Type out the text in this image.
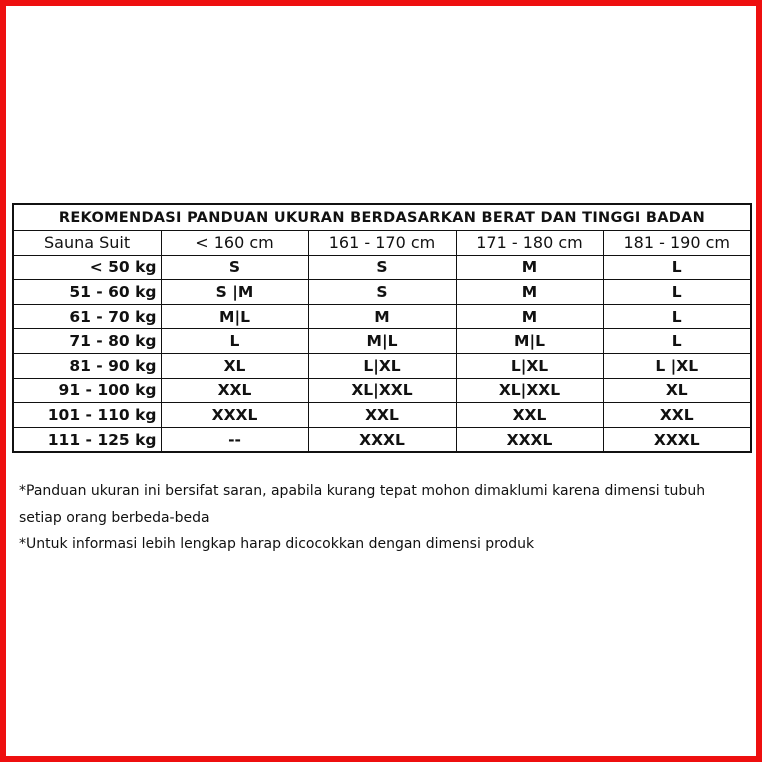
REKOMENDASI PANDUAN UKURAN BERDASARKAN BERAT DAN TINGGI BADAN				
Sauna Suit	< 160 cm	161 - 170 cm	171 - 180 cm	181 - 190 cm
< 50 kg	S	S	M	L
51 - 60 kg	S |M	S	M	L
61 - 70 kg	M|L	M	M	L
71 - 80 kg	L	M|L	M|L	L
81 - 90 kg	XL	L|XL	L|XL	L |XL
91 - 100 kg	XXL	XL|XXL	XL|XXL	XL
101 - 110 kg	XXXL	XXL	XXL	XXL
111 - 125 kg	--	XXXL	XXXL	XXXL

*Panduan ukuran ini bersifat saran, apabila kurang tepat mohon dimaklumi karena dimensi tubuh setiap orang berbeda-beda

*Untuk informasi lebih lengkap harap dicocokkan dengan dimensi produk
